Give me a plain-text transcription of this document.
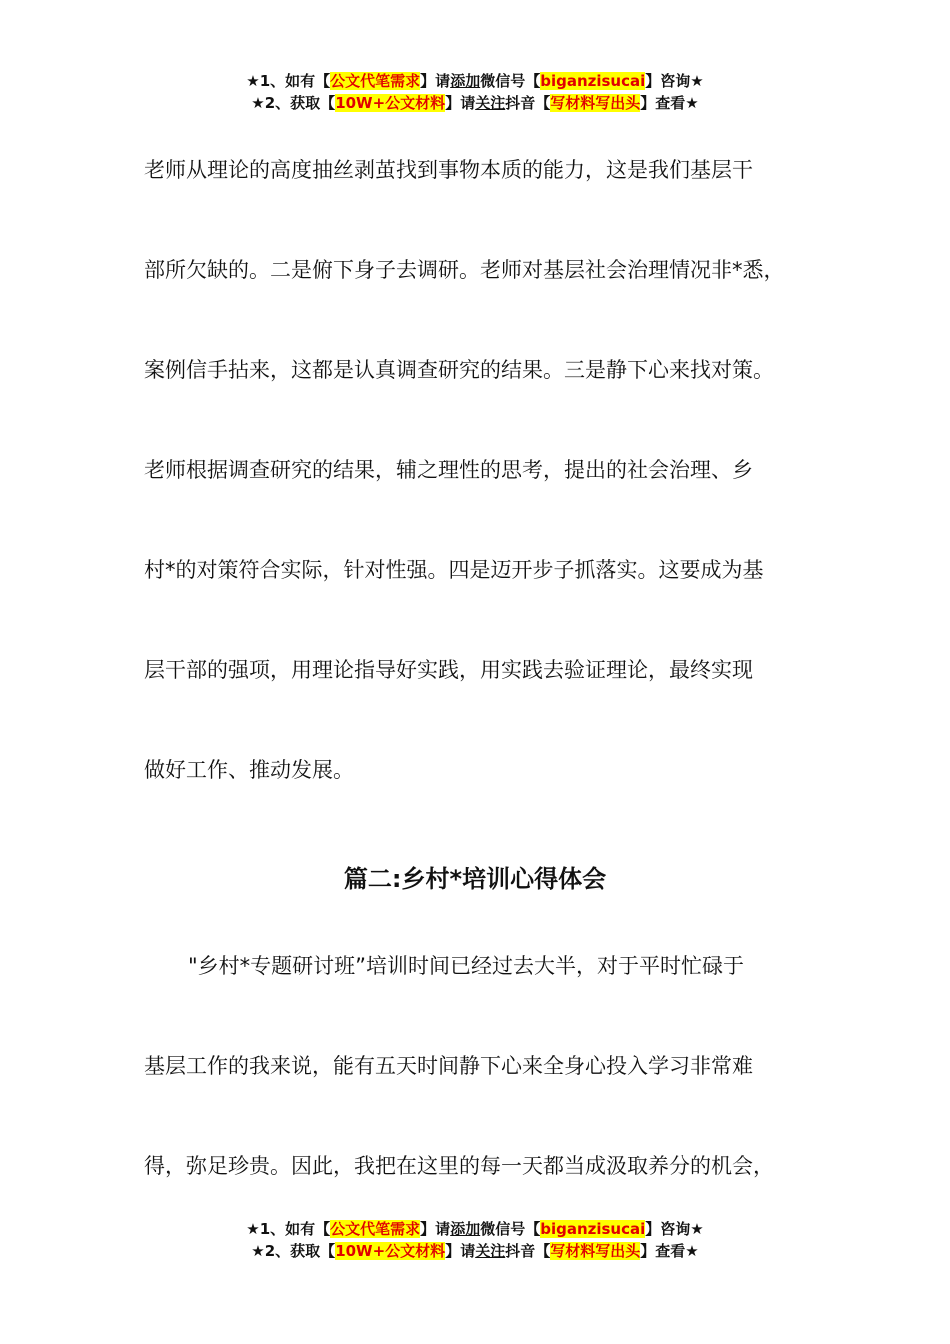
★1、如有【公文代笔需求】请添加微信号【biganzisucai】咨询★
★2、获取【10W+公文材料】请关注抖音【写材料写出头】查看★

老师从理论的高度抽丝剥茧找到事物本质的能力，这是我们基层干

部所欠缺的。二是俯下身子去调研。老师对基层社会治理情况非*悉，

案例信手拈来，这都是认真调查研究的结果。三是静下心来找对策。

老师根据调查研究的结果，辅之理性的思考，提出的社会治理、乡

村*的对策符合实际，针对性强。四是迈开步子抓落实。这要成为基

层干部的强项，用理论指导好实践，用实践去验证理论，最终实现

做好工作、推动发展。

篇二:乡村*培训心得体会

"乡村*专题研讨班”培训时间已经过去大半，对于平时忙碌于

基层工作的我来说，能有五天时间静下心来全身心投入学习非常难

得，弥足珍贵。因此，我把在这里的每一天都当成汲取养分的机会，

★1、如有【公文代笔需求】请添加微信号【biganzisucai】咨询★
★2、获取【10W+公文材料】请关注抖音【写材料写出头】查看★
